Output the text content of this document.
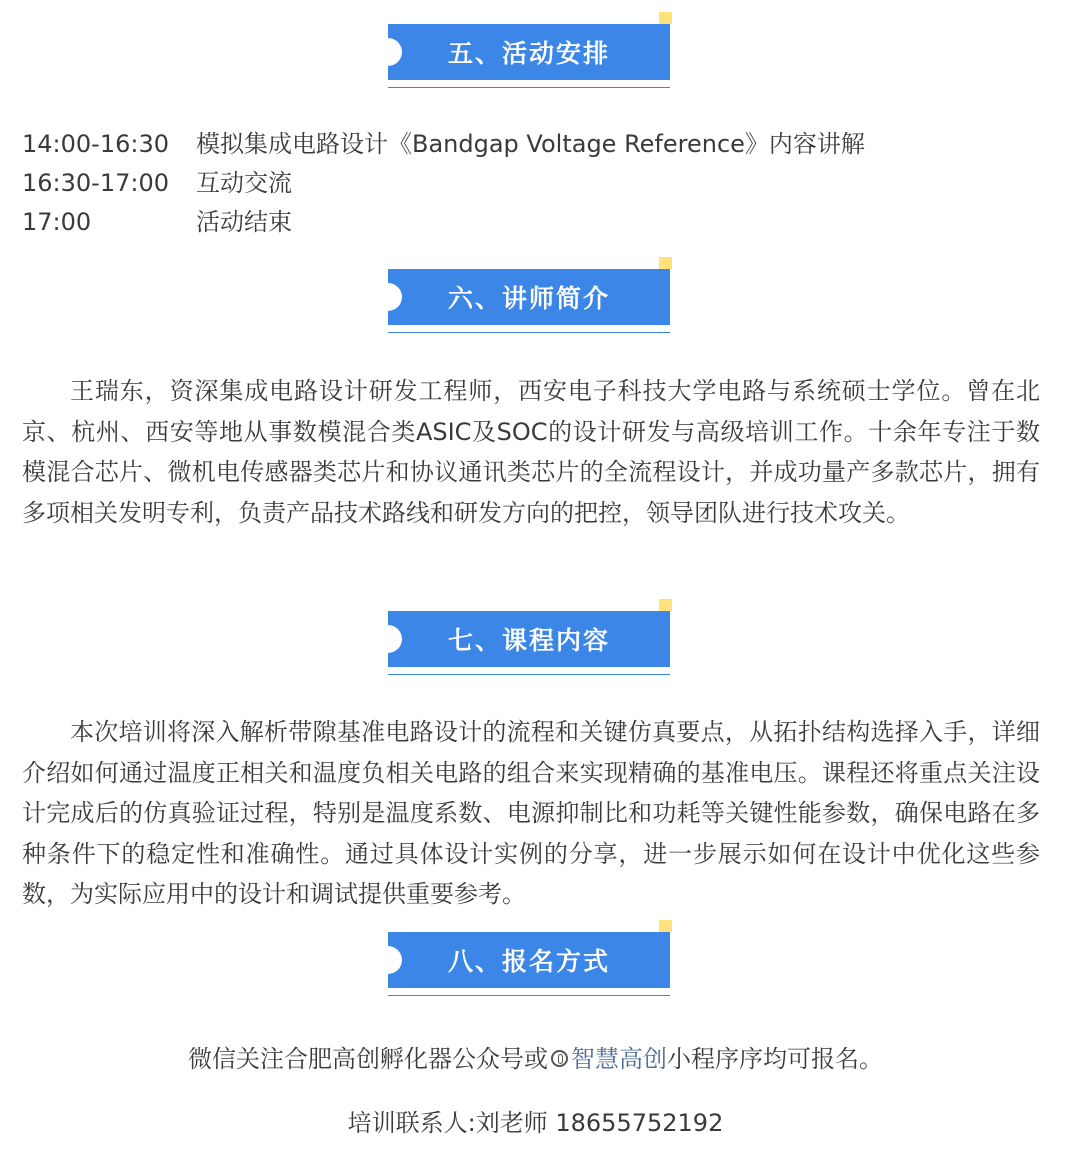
五、活动安排
14:00-16:30	模拟集成电路设计《Bandgap Voltage Reference》内容讲解
16:30-17:00	互动交流
17:00	活动结束
六、讲师简介

王瑞东，资深集成电路设计研发工程师，西安电子科技大学电路与系统硕士学位。曾在北京、杭州、西安等地从事数模混合类ASIC及SOC的设计研发与高级培训工作。十余年专注于数模混合芯片、微机电传感器类芯片和协议通讯类芯片的全流程设计，并成功量产多款芯片，拥有多项相关发明专利，负责产品技术路线和研发方向的把控，领导团队进行技术攻关。

七、课程内容

本次培训将深入解析带隙基准电路设计的流程和关键仿真要点，从拓扑结构选择入手，详细介绍如何通过温度正相关和温度负相关电路的组合来实现精确的基准电压。课程还将重点关注设计完成后的仿真验证过程，特别是温度系数、电源抑制比和功耗等关键性能参数，确保电路在多种条件下的稳定性和准确性。通过具体设计实例的分享，进一步展示如何在设计中优化这些参数，为实际应用中的设计和调试提供重要参考。

八、报名方式
微信关注合肥高创孵化器公众号或 智慧高创小程序序均可报名。
培训联系人:刘老师 18655752192
